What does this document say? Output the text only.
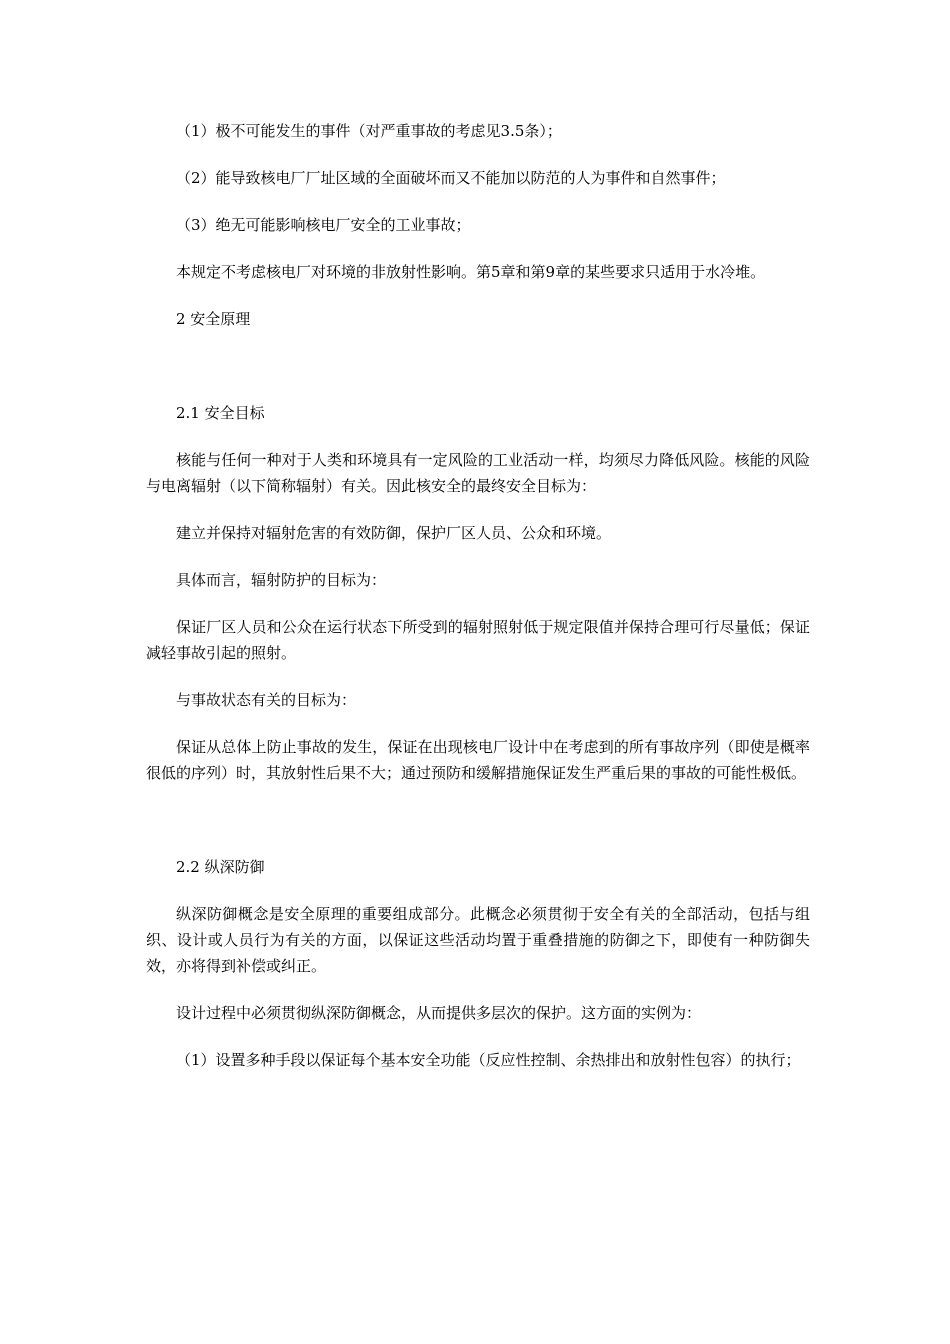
（1）极不可能发生的事件（对严重事故的考虑见3.5条）；

（2）能导致核电厂厂址区域的全面破坏而又不能加以防范的人为事件和自然事件；

（3）绝无可能影响核电厂安全的工业事故；

本规定不考虑核电厂对环境的非放射性影响。第5章和第9章的某些要求只适用于水冷堆。

2 安全原理

2.1 安全目标

核能与任何一种对于人类和环境具有一定风险的工业活动一样，均须尽力降低风险。核能的风险与电离辐射（以下简称辐射）有关。因此核安全的最终安全目标为：

建立并保持对辐射危害的有效防御，保护厂区人员、公众和环境。

具体而言，辐射防护的目标为：

保证厂区人员和公众在运行状态下所受到的辐射照射低于规定限值并保持合理可行尽量低；保证减轻事故引起的照射。

与事故状态有关的目标为：

保证从总体上防止事故的发生，保证在出现核电厂设计中在考虑到的所有事故序列（即使是概率很低的序列）时，其放射性后果不大；通过预防和缓解措施保证发生严重后果的事故的可能性极低。

2.2 纵深防御

纵深防御概念是安全原理的重要组成部分。此概念必须贯彻于安全有关的全部活动，包括与组织、设计或人员行为有关的方面，以保证这些活动均置于重叠措施的防御之下，即使有一种防御失效，亦将得到补偿或纠正。

设计过程中必须贯彻纵深防御概念，从而提供多层次的保护。这方面的实例为：

（1）设置多种手段以保证每个基本安全功能（反应性控制、余热排出和放射性包容）的执行；
